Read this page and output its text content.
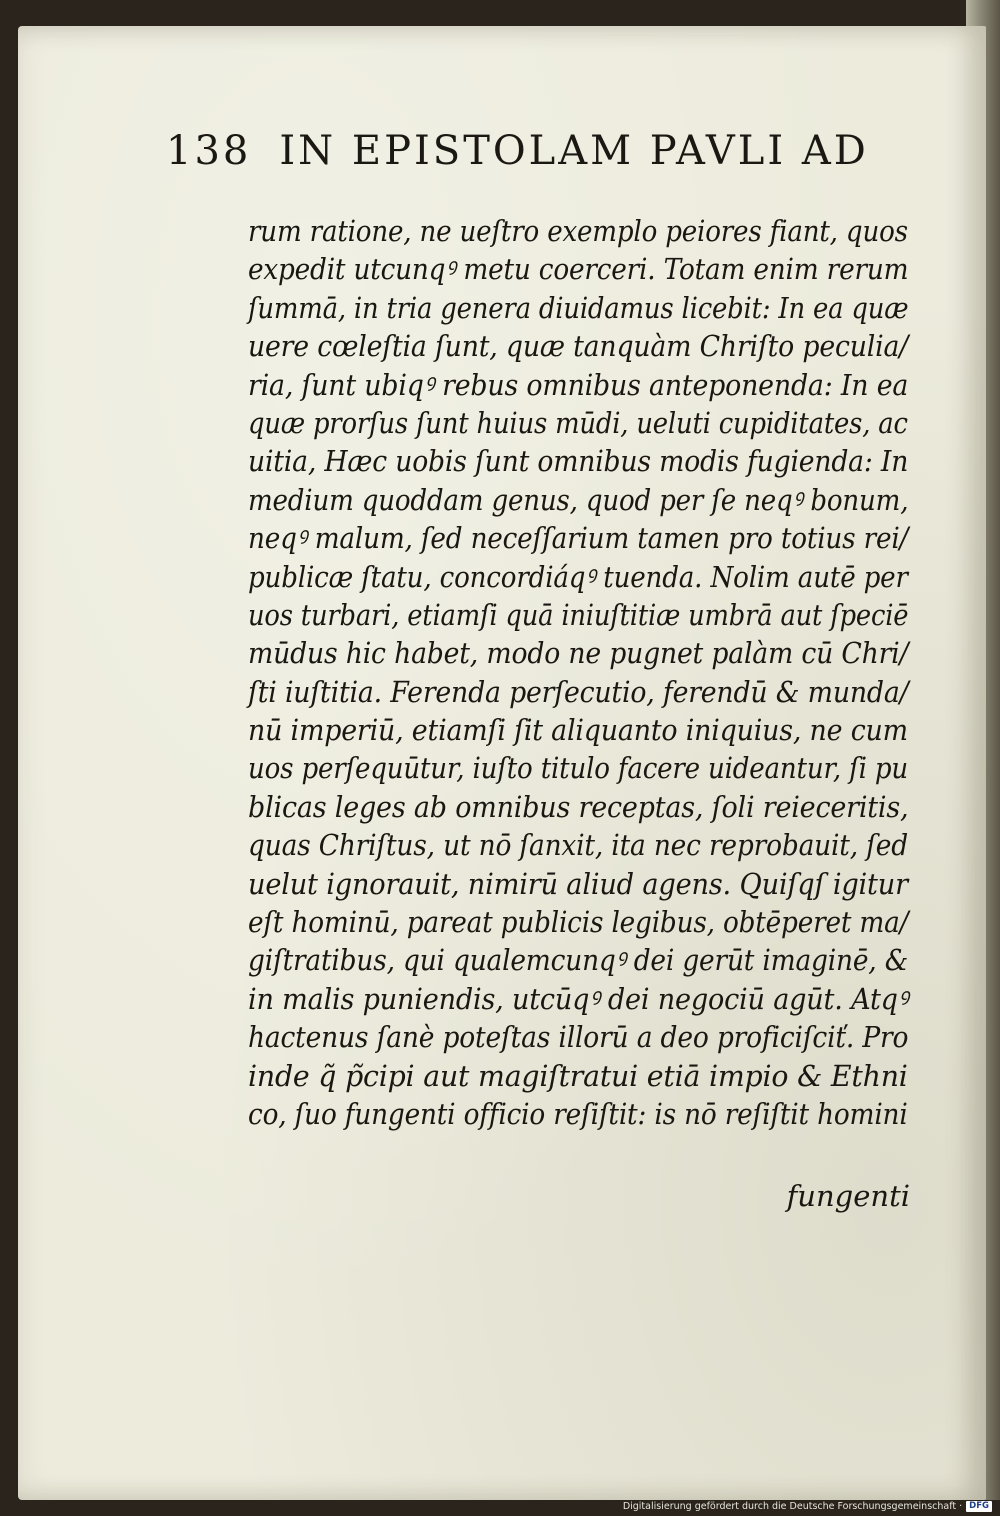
138 IN EPISTOLAM PAVLI AD
rum ratione, ne ueſtro exemplo peiores fiant, quos
expedit utcunqꝰ metu coerceri. Totam enim rerum
ſummā, in tria genera diuidamus licebit: In ea quæ
uere cœleſtia ſunt, quæ tanquàm Chriſto peculia/
ria, ſunt ubiqꝰ rebus omnibus anteponenda: In ea
quæ prorſus ſunt huius mūdi, ueluti cupiditates, ac
uitia, Hæc uobis ſunt omnibus modis fugienda: In
medium quoddam genus, quod per ſe neqꝰ bonum,
neqꝰ malum, ſed neceſſarium tamen pro totius rei/
publicæ ſtatu, concordiáqꝰ tuenda. Nolim autē per
uos turbari, etiamſi quā iniuſtitiæ umbrā aut ſpeciē
mūdus hic habet, modo ne pugnet palàm cū Chri/
ſti iuſtitia. Ferenda perſecutio, ferendū & munda/
nū imperiū, etiamſi ſit aliquanto iniquius, ne cum
uos perſequūtur, iuſto titulo facere uideantur, ſi pu
blicas leges ab omnibus receptas, ſoli reieceritis,
quas Chriſtus, ut nō ſanxit, ita nec reprobauit, ſed
uelut ignorauit, nimirū aliud agens. Quiſqſ igitur
eſt hominū, pareat publicis legibus, obtēperet ma/
giſtratibus, qui qualemcunqꝰ dei gerūt imaginē, &
in malis puniendis, utcūqꝰ dei negociū agūt. Atqꝰ
hactenus ſanè poteſtas illorū a deo proficiſciť. Pro
inde q̃ p̃cipi aut magiſtratui etiā impio & Ethni
co, ſuo fungenti officio reſiſtit: is nō reſiſtit homini
fungenti
Digitalisierung gefördert durch die Deutsche Forschungsgemeinschaft · DFG
